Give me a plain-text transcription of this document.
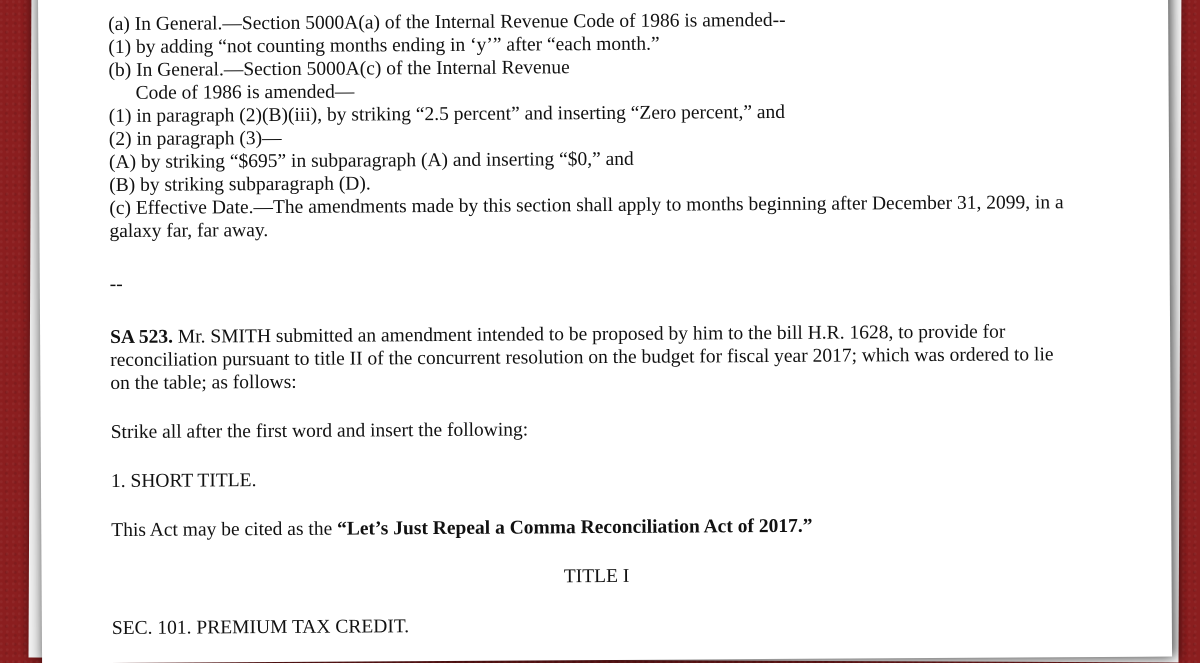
(a) In General.—Section 5000A(a) of the Internal Revenue Code of 1986 is amended--
(1) by adding “not counting months ending in ‘y’” after “each month.”
(b) In General.—Section 5000A(c) of the Internal Revenue
Code of 1986 is amended—
(1) in paragraph (2)(B)(iii), by striking “2.5 percent” and inserting “Zero percent,” and
(2) in paragraph (3)—
(A) by striking “$695” in subparagraph (A) and inserting “$0,” and
(B) by striking subparagraph (D).
(c) Effective Date.—The amendments made by this section shall apply to months beginning after December 31, 2099, in a
galaxy far, far away.
--
SA 523. Mr. SMITH submitted an amendment intended to be proposed by him to the bill H.R. 1628, to provide for
reconciliation pursuant to title II of the concurrent resolution on the budget for fiscal year 2017; which was ordered to lie
on the table; as follows:
Strike all after the first word and insert the following:
1. SHORT TITLE.
This Act may be cited as the “Let’s Just Repeal a Comma Reconciliation Act of 2017.”
TITLE I
SEC. 101. PREMIUM TAX CREDIT.
